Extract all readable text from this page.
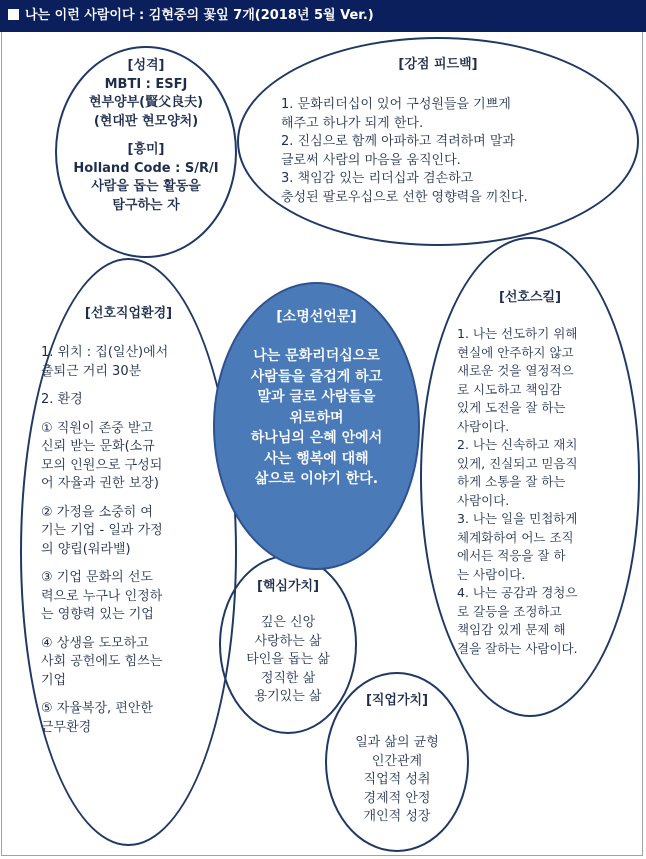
나는 이런 사람이다 : 김현중의 꽃잎 7개(2018년 5월 Ver.)
[성격]
MBTI : ESFJ
현부양부(賢父良夫)
(현대판 현모양처)
[흥미]
Holland Code : S/R/I
사람을 돕는 활동을
탐구하는 자
[강점 피드백]
1. 문화리더십이 있어 구성원들을 기쁘게
해주고 하나가 되게 한다.
2. 진심으로 함께 아파하고 격려하며 말과
글로써 사람의 마음을 움직인다.
3. 책임감 있는 리더십과 겸손하고
충성된 팔로우십으로 선한 영향력을 끼친다.
[선호직업환경]
1. 위치 : 집(일산)에서
출퇴근 거리 30분
2. 환경
① 직원이 존중 받고
신뢰 받는 문화(소규
모의 인원으로 구성되
어 자율과 권한 보장)
② 가정을 소중히 여
기는 기업 - 일과 가정
의 양립(워라밸)
③ 기업 문화의 선도
력으로 누구나 인정하
는 영향력 있는 기업
④ 상생을 도모하고
사회 공헌에도 힘쓰는
기업
⑤ 자율복장, 편안한
근무환경
[소명선언문]
나는 문화리더십으로
사람들을 즐겁게 하고
말과 글로 사람들을
위로하며
하나님의 은혜 안에서
사는 행복에 대해
삶으로 이야기 한다.
[선호스킬]
1. 나는 선도하기 위해
현실에 안주하지 않고
새로운 것을 열정적으
로 시도하고 책임감
있게 도전을 잘 하는
사람이다.
2. 나는 신속하고 재치
있게, 진실되고 믿음직
하게 소통을 잘 하는
사람이다.
3. 나는 일을 민첩하게
체계화하여 어느 조직
에서든 적응을 잘 하
는 사람이다.
4. 나는 공감과 경청으
로 갈등을 조정하고
책임감 있게 문제 해
결을 잘하는 사람이다.
[핵심가치]
깊은 신앙
사랑하는 삶
타인을 돕는 삶
정직한 삶
용기있는 삶	[직업가치]
일과 삶의 균형
인간관계
직업적 성취
경제적 안정
개인적 성장
